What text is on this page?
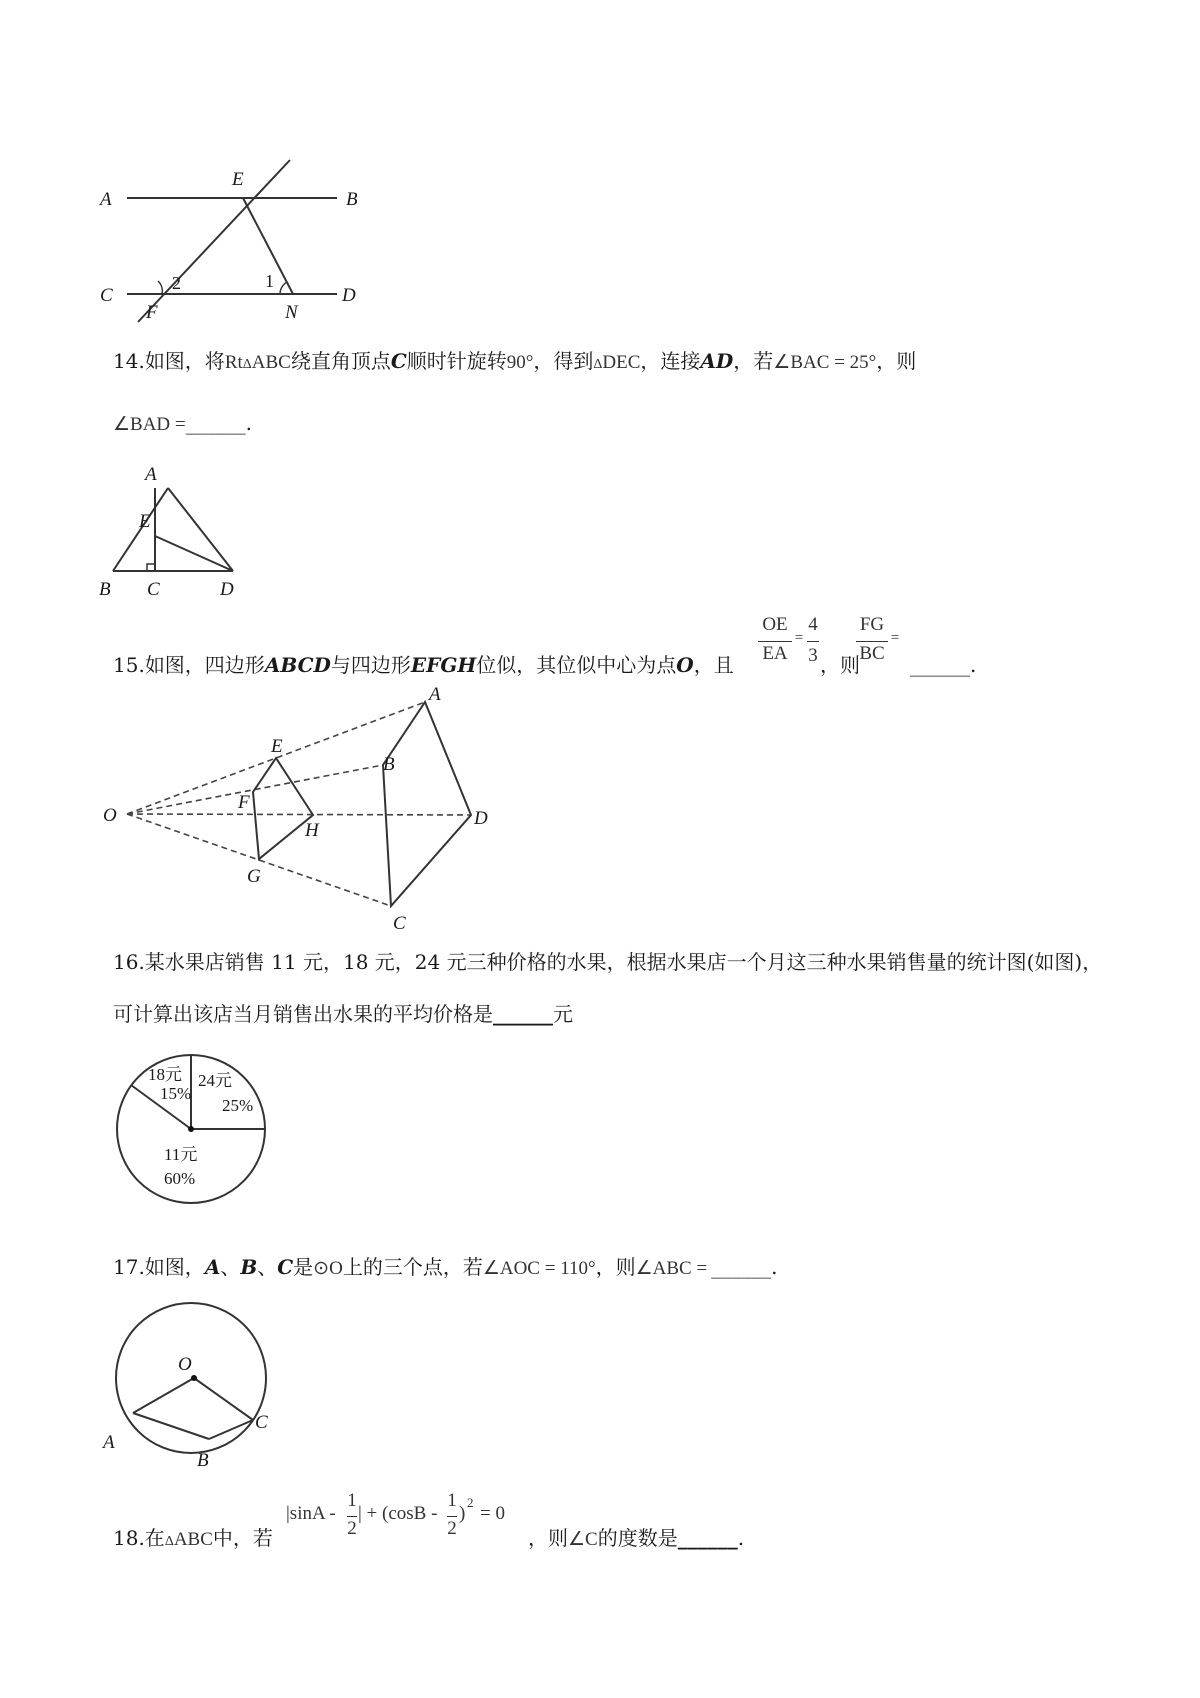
A	B
C	D
E
F	N
1
2
14.如图，将RtΔABC绕直角顶点C顺时针旋转90°，得到ΔDEC，连接AD，若∠BAC = 25°，则
∠BAD =______.
A
E
B C	D
15.如图，四边形ABCD与四边形EFGH位似，其位似中心为点O，且
OE
EA
=
4
3 ，则
FG
BC
=
______.
O
A
B
C
D
E
F
G
H
16.某水果店销售 11 元，18 元，24 元三种价格的水果，根据水果店一个月这三种水果销售量的统计图(如图)，
可计算出该店当月销售出水果的平均价格是______元
18元
15%
24元
25%
11元
60%
17.如图，A、B、C是⊙O上的三个点，若∠AOC = 110°，则∠ABC = ______.
O
A
B
C
18.在ΔABC中，若
|sinA -
1
2
| + (cosB -
1
2
)
2
= 0
，则∠C的度数是______.
